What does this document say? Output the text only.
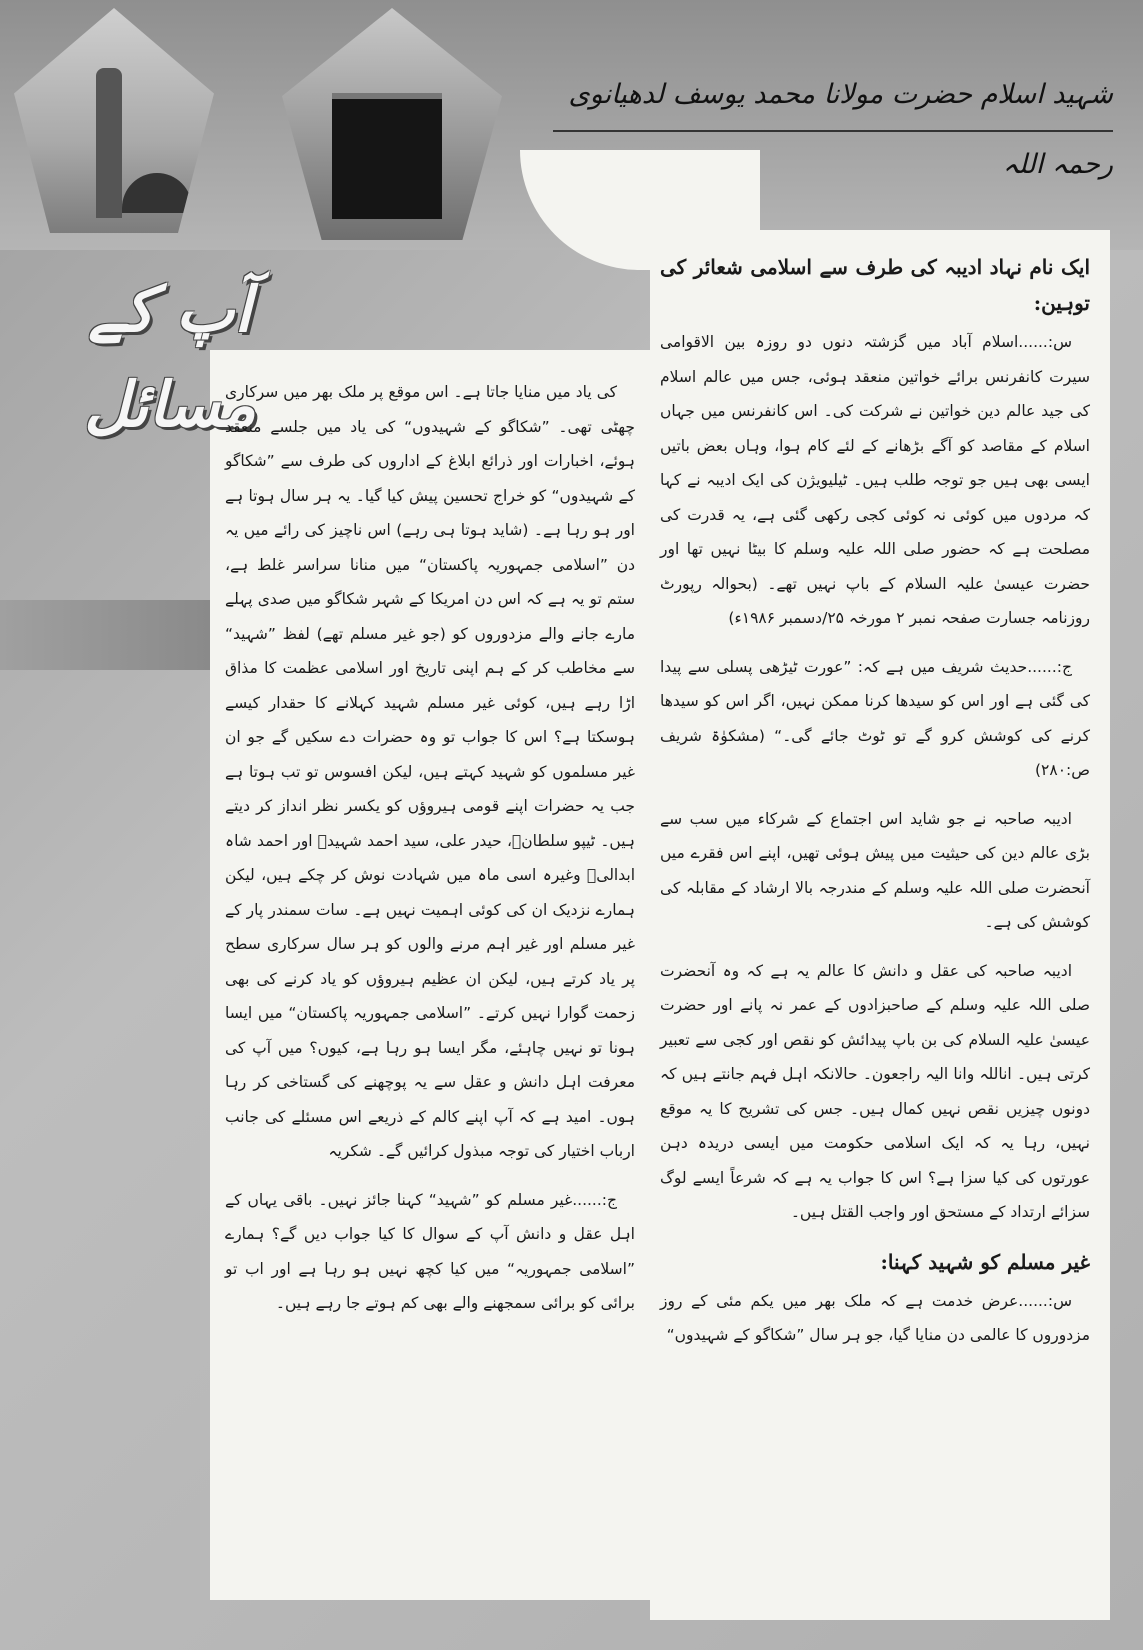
شہید اسلام حضرت مولانا محمد یوسف لدھیانوی رحمہ اللہ
آپ کے مسائل
ایک نام نہاد ادیبہ کی طرف سے اسلامی شعائر کی توہین:

س:......اسلام آباد میں گزشتہ دنوں دو روزہ بین الاقوامی سیرت کانفرنس برائے خواتین منعقد ہوئی، جس میں عالم اسلام کی جید عالم دین خواتین نے شرکت کی۔ اس کانفرنس میں جہاں اسلام کے مقاصد کو آگے بڑھانے کے لئے کام ہوا، وہاں بعض باتیں ایسی بھی ہیں جو توجہ طلب ہیں۔ ٹیلیویژن کی ایک ادیبہ نے کہا کہ مردوں میں کوئی نہ کوئی کجی رکھی گئی ہے، یہ قدرت کی مصلحت ہے کہ حضور صلی اللہ علیہ وسلم کا بیٹا نہیں تھا اور حضرت عیسیٰ علیہ السلام کے باپ نہیں تھے۔ (بحوالہ رپورٹ روزنامہ جسارت صفحہ نمبر ۲ مورخہ ۲۵/دسمبر ۱۹۸۶ء)

ج:......حدیث شریف میں ہے کہ: ”عورت ٹیڑھی پسلی سے پیدا کی گئی ہے اور اس کو سیدھا کرنا ممکن نہیں، اگر اس کو سیدھا کرنے کی کوشش کرو گے تو ٹوٹ جائے گی۔“ (مشکوٰۃ شریف ص:۲۸۰)

ادیبہ صاحبہ نے جو شاید اس اجتماع کے شرکاء میں سب سے بڑی عالم دین کی حیثیت میں پیش ہوئی تھیں، اپنے اس فقرے میں آنحضرت صلی اللہ علیہ وسلم کے مندرجہ بالا ارشاد کے مقابلہ کی کوشش کی ہے۔

ادیبہ صاحبہ کی عقل و دانش کا عالم یہ ہے کہ وہ آنحضرت صلی اللہ علیہ وسلم کے صاحبزادوں کے عمر نہ پانے اور حضرت عیسیٰ علیہ السلام کی بن باپ پیدائش کو نقص اور کجی سے تعبیر کرتی ہیں۔ اناللہ وانا الیہ راجعون۔ حالانکہ اہل فہم جانتے ہیں کہ دونوں چیزیں نقص نہیں کمال ہیں۔ جس کی تشریح کا یہ موقع نہیں، رہا یہ کہ ایک اسلامی حکومت میں ایسی دریدہ دہن عورتوں کی کیا سزا ہے؟ اس کا جواب یہ ہے کہ شرعاً ایسے لوگ سزائے ارتداد کے مستحق اور واجب القتل ہیں۔

غیر مسلم کو شہید کہنا:

س:......عرض خدمت ہے کہ ملک بھر میں یکم مئی کے روز مزدوروں کا عالمی دن منایا گیا، جو ہر سال ”شکاگو کے شہیدوں“

کی یاد میں منایا جاتا ہے۔ اس موقع پر ملک بھر میں سرکاری چھٹی تھی۔ ”شکاگو کے شہیدوں“ کی یاد میں جلسے منعقد ہوئے، اخبارات اور ذرائع ابلاغ کے اداروں کی طرف سے ”شکاگو کے شہیدوں“ کو خراج تحسین پیش کیا گیا۔ یہ ہر سال ہوتا ہے اور ہو رہا ہے۔ (شاید ہوتا ہی رہے) اس ناچیز کی رائے میں یہ دن ”اسلامی جمہوریہ پاکستان“ میں منانا سراسر غلط ہے، ستم تو یہ ہے کہ اس دن امریکا کے شہر شکاگو میں صدی پہلے مارے جانے والے مزدوروں کو (جو غیر مسلم تھے) لفظ ”شہید“ سے مخاطب کر کے ہم اپنی تاریخ اور اسلامی عظمت کا مذاق اڑا رہے ہیں، کوئی غیر مسلم شہید کہلانے کا حقدار کیسے ہوسکتا ہے؟ اس کا جواب تو وہ حضرات دے سکیں گے جو ان غیر مسلموں کو شہید کہتے ہیں، لیکن افسوس تو تب ہوتا ہے جب یہ حضرات اپنے قومی ہیروؤں کو یکسر نظر انداز کر دیتے ہیں۔ ٹیپو سلطانؒ، حیدر علی، سید احمد شہیدؒ اور احمد شاہ ابدالیؒ وغیرہ اسی ماہ میں شہادت نوش کر چکے ہیں، لیکن ہمارے نزدیک ان کی کوئی اہمیت نہیں ہے۔ سات سمندر پار کے غیر مسلم اور غیر اہم مرنے والوں کو ہر سال سرکاری سطح پر یاد کرتے ہیں، لیکن ان عظیم ہیروؤں کو یاد کرنے کی بھی زحمت گوارا نہیں کرتے۔ ”اسلامی جمہوریہ پاکستان“ میں ایسا ہونا تو نہیں چاہئے، مگر ایسا ہو رہا ہے، کیوں؟ میں آپ کی معرفت اہل دانش و عقل سے یہ پوچھنے کی گستاخی کر رہا ہوں۔ امید ہے کہ آپ اپنے کالم کے ذریعے اس مسئلے کی جانب ارباب اختیار کی توجہ مبذول کرائیں گے۔ شکریہ

ج:......غیر مسلم کو ”شہید“ کہنا جائز نہیں۔ باقی یہاں کے اہل عقل و دانش آپ کے سوال کا کیا جواب دیں گے؟ ہمارے ”اسلامی جمہوریہ“ میں کیا کچھ نہیں ہو رہا ہے اور اب تو برائی کو برائی سمجھنے والے بھی کم ہوتے جا رہے ہیں۔
